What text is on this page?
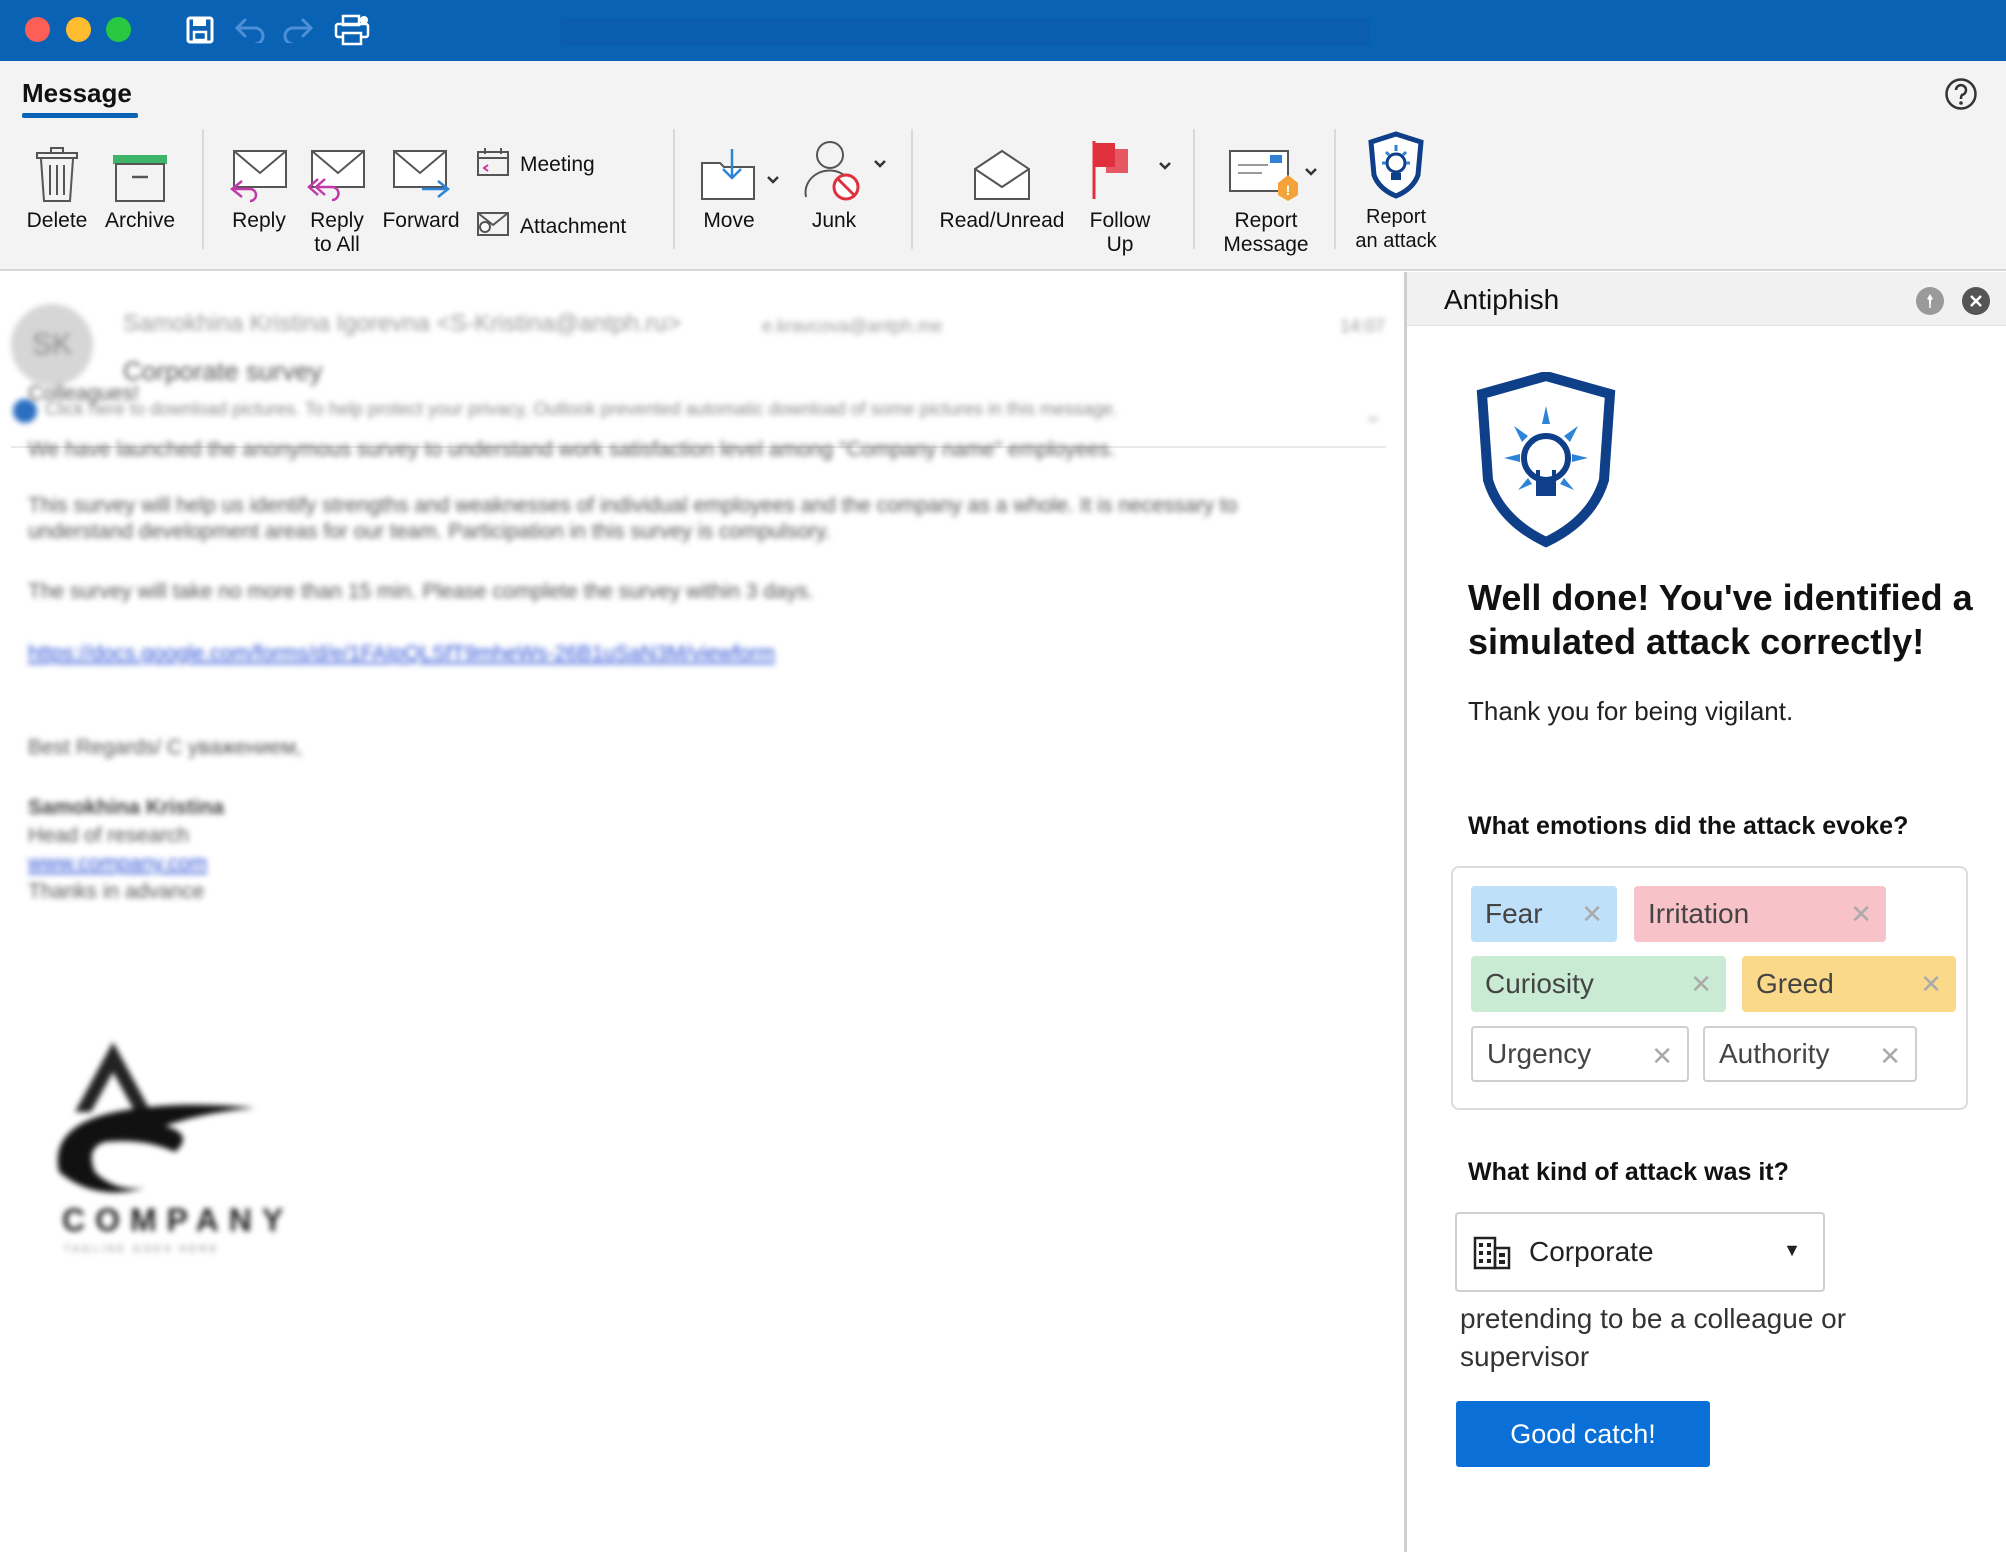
Message
Delete Archive	Reply Reply
to All
Forward
Meeting
Attachment	Move	Junk	Read/Unread Follow
Up
!
Report
Message
Report
an attack
SK
Samokhina Kristina Igorevna <S-Kristina@antph.ru>	e.kravcova@antph.me	14:07
Corporate survey
Click here to download pictures. To help protect your privacy, Outlook prevented automatic download of some pictures in this message.	⌄
Colleagues!
We have launched the anonymous survey to understand work satisfaction level among "Company name" employees.
This survey will help us identify strengths and weaknesses of individual employees and the company as a whole. It is necessary to
understand development areas for our team. Participation in this survey is compulsory.
The survey will take no more than 15 min. Please complete the survey within 3 days.
https://docs.google.com/forms/d/e/1FAIpQLSfT9mheWs-26B1uSaN3M/viewform
Best Regards/ С уважением,
Samokhina Kristina
Head of research
www.company.com
Thanks in advance
COMPANY
TAGLINE GOES HERE
Antiphish
Well done! You've identified a simulated attack correctly!
Thank you for being vigilant.
What emotions did the attack evoke?
Fear ✕ Irritation	✕
Curiosity	✕ Greed	✕
Urgency ✕ Authority ✕
What kind of attack was it?
Corporate	▼
pretending to be a colleague or supervisor
Good catch!
